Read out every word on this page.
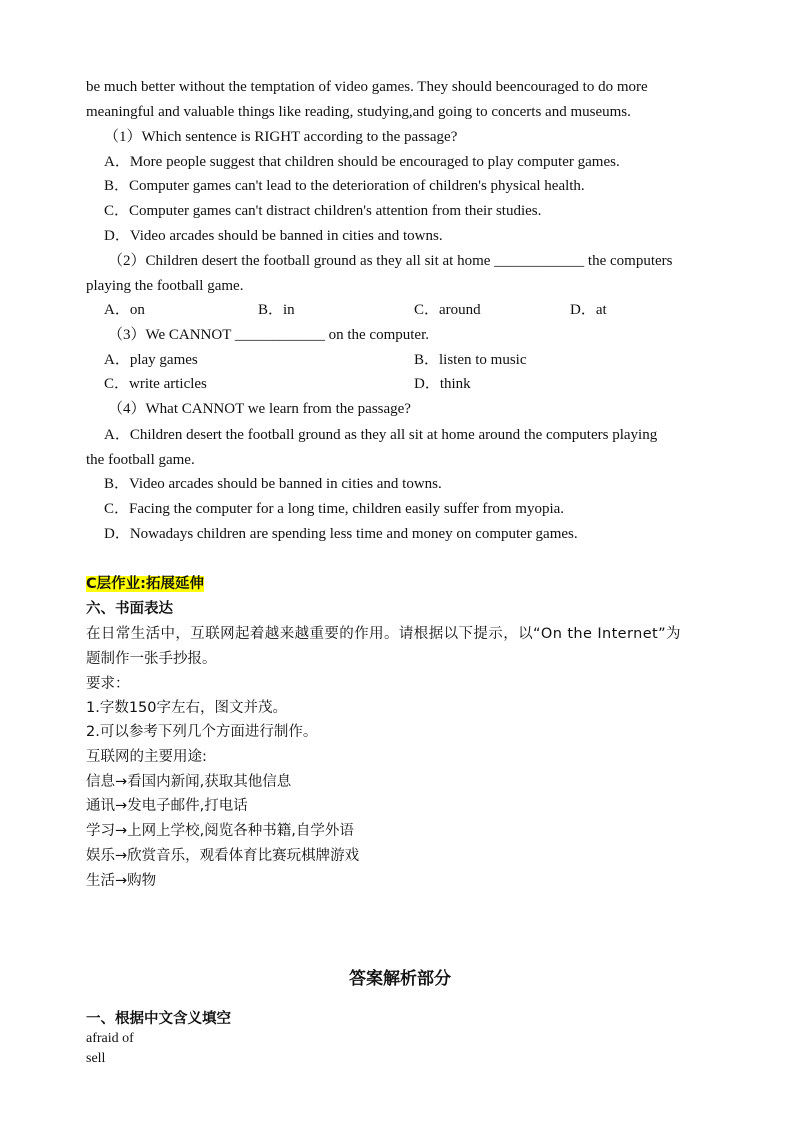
be much better without the temptation of video games. They should beencouraged to do more
meaningful and valuable things like reading, studying,and going to concerts and museums.
（1）Which sentence is RIGHT according to the passage?
A．More people suggest that children should be encouraged to play computer games.
B．Computer games can't lead to the deterioration of children's physical health.
C．Computer games can't distract children's attention from their studies.
D．Video arcades should be banned in cities and towns.
（2）Children desert the football ground as they all sit at home ____________ the computers
playing the football game.
A．on	B．in	C．around	D．at
（3）We CANNOT ____________ on the computer.
A．play games	B．listen to music
C．write articles	D．think
（4）What CANNOT we learn from the passage?
A．Children desert the football ground as they all sit at home around the computers playing
the football game.
B．Video arcades should be banned in cities and towns.
C．Facing the computer for a long time, children easily suffer from myopia.
D．Nowadays children are spending less time and money on computer games.
C层作业:拓展延伸
六、书面表达
在日常生活中，互联网起着越来越重要的作用。请根据以下提示，以“On the Internet”为
题制作一张手抄报。
要求：
1.字数150字左右，图文并茂。
2.可以参考下列几个方面进行制作。
互联网的主要用途:
信息→看国内新闻,获取其他信息
通讯→发电子邮件,打电话
学习→上网上学校,阅览各种书籍,自学外语
娱乐→欣赏音乐，观看体育比赛玩棋牌游戏
生活→购物
答案解析部分
一、根据中文含义填空
afraid of
sell
